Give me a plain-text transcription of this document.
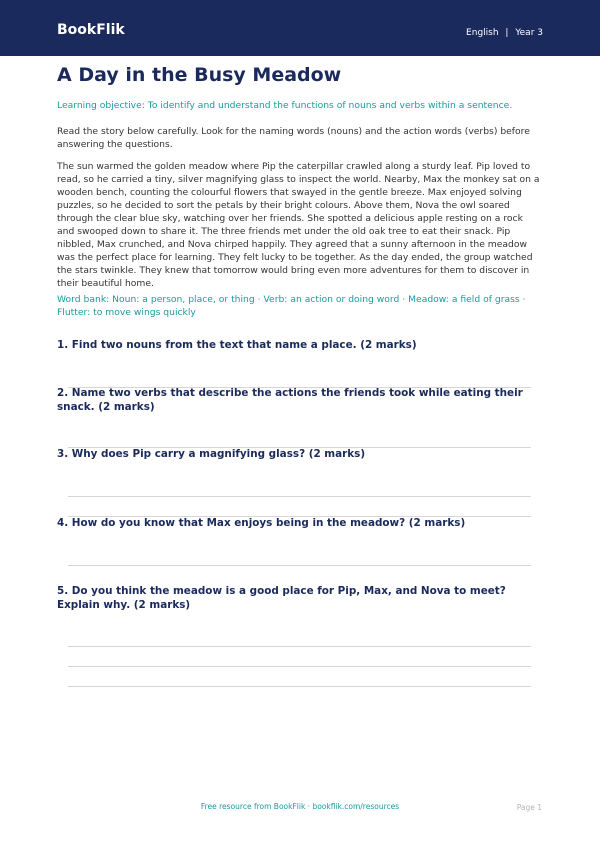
BookFlik	English | Year 3
A Day in the Busy Meadow
Learning objective: To identify and understand the functions of nouns and verbs within a sentence.
Read the story below carefully. Look for the naming words (nouns) and the action words (verbs) before answering the questions.
The sun warmed the golden meadow where Pip the caterpillar crawled along a sturdy leaf. Pip loved to read, so he carried a tiny, silver magnifying glass to inspect the world. Nearby, Max the monkey sat on a wooden bench, counting the colourful flowers that swayed in the gentle breeze. Max enjoyed solving puzzles, so he decided to sort the petals by their bright colours. Above them, Nova the owl soared through the clear blue sky, watching over her friends. She spotted a delicious apple resting on a rock and swooped down to share it. The three friends met under the old oak tree to eat their snack. Pip nibbled, Max crunched, and Nova chirped happily. They agreed that a sunny afternoon in the meadow was the perfect place for learning. They felt lucky to be together. As the day ended, the group watched the stars twinkle. They knew that tomorrow would bring even more adventures for them to discover in their beautiful home.
Word bank: Noun: a person, place, or thing · Verb: an action or doing word · Meadow: a field of grass · Flutter: to move wings quickly
1. Find two nouns from the text that name a place. (2 marks)
2. Name two verbs that describe the actions the friends took while eating their snack. (2 marks)
3. Why does Pip carry a magnifying glass? (2 marks)
4. How do you know that Max enjoys being in the meadow? (2 marks)
5. Do you think the meadow is a good place for Pip, Max, and Nova to meet? Explain why. (2 marks)
Free resource from BookFlik · bookflik.com/resources	Page 1
